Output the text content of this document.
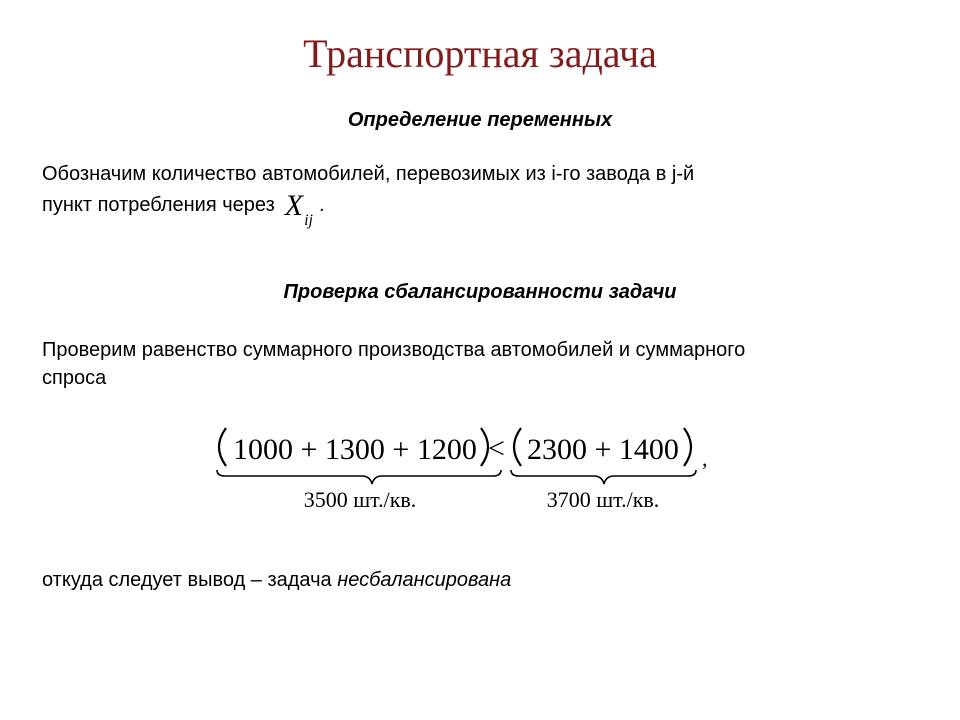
Транспортная задача
Определение переменных
Обозначим количество автомобилей, перевозимых из i-го завода в j-й
пункт потребления через $X_{ij}$.
Проверка сбалансированности задачи
Проверим равенство суммарного производства автомобилей и суммарного
спроса
1000 + 1300 + 1200 < 2300 + 1400 ,
3500 шт./кв.	3700 шт./кв.
откуда следует вывод – задача несбалансирована
